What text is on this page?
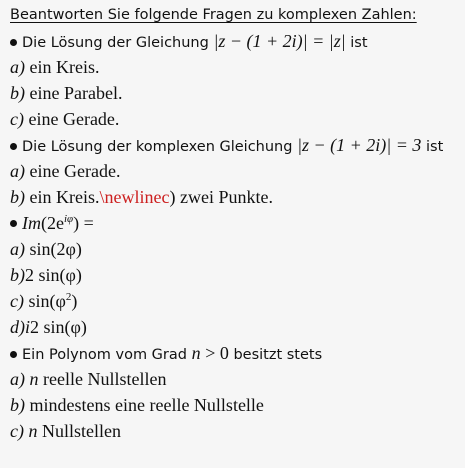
Beantworten Sie folgende Fragen zu komplexen Zahlen:
Die Lösung der Gleichung |z − (1 + 2i)| = |z| ist
a) ein Kreis.
b) eine Parabel.
c) eine Gerade.
Die Lösung der komplexen Gleichung |z − (1 + 2i)| = 3 ist
a) eine Gerade.
b) ein Kreis.\newlinec) zwei Punkte.
$Im(2e^{i\varphi})$ =
a) sin(2φ)
b)2 sin(φ)
c) $\sin(\varphi^2)$
d)i2 sin(φ)
Ein Polynom vom Grad n > 0 besitzt stets
a) n reelle Nullstellen
b) mindestens eine reelle Nullstelle
c) n Nullstellen
